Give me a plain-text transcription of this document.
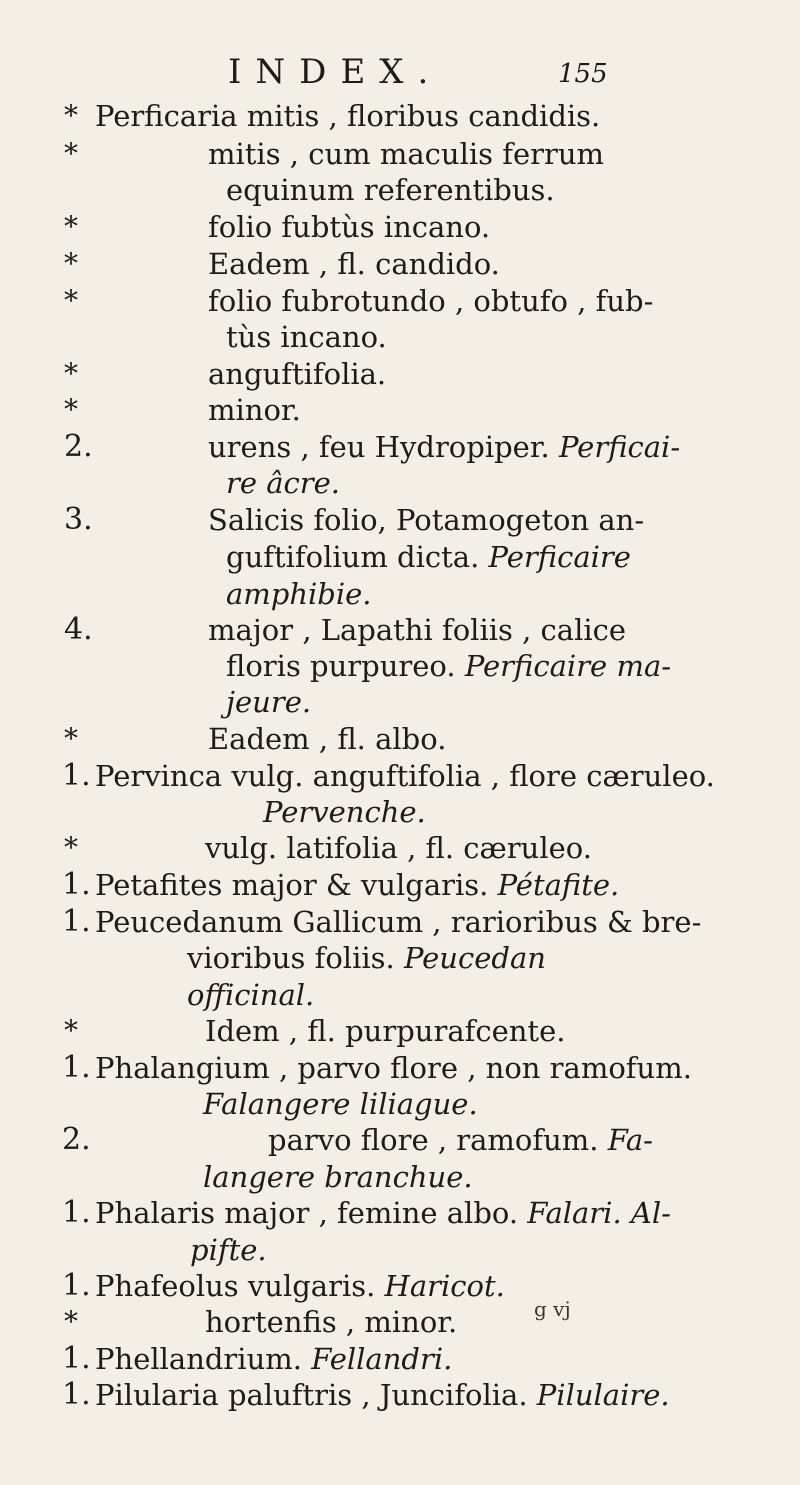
INDEX.	155
* Perficaria mitis , floribus candidis.
*	mitis , cum maculis ferrum
equinum referentibus.
*	folio fubtùs incano.
*	Eadem , fl. candido.
*	folio fubrotundo , obtufo , fub-
tùs incano.
*	anguftifolia.
*	minor.
2.	urens , feu Hydropiper. Perficai-
re âcre.
3.	Salicis folio, Potamogeton an-
guftifolium dicta. Perficaire
amphibie.
4.	major , Lapathi foliis , calice
floris purpureo. Perficaire ma-
jeure.
*	Eadem , fl. albo.
1. Pervinca vulg. anguftifolia , flore cæruleo.
Pervenche.
*	vulg. latifolia , fl. cæruleo.
1. Petafites major & vulgaris. Pétafite.
1. Peucedanum Gallicum , rarioribus & bre-
vioribus foliis. Peucedan
officinal.
*	Idem , fl. purpurafcente.
1. Phalangium , parvo flore , non ramofum.
Falangere liliague.
2.	parvo flore , ramofum. Fa-
langere branchue.
1. Phalaris major , femine albo. Falari. Al-
pifte.
1. Phafeolus vulgaris. Haricot.
*	hortenfis , minor.
1. Phellandrium. Fellandri.
1. Pilularia paluftris , Juncifolia. Pilulaire.
g vj
